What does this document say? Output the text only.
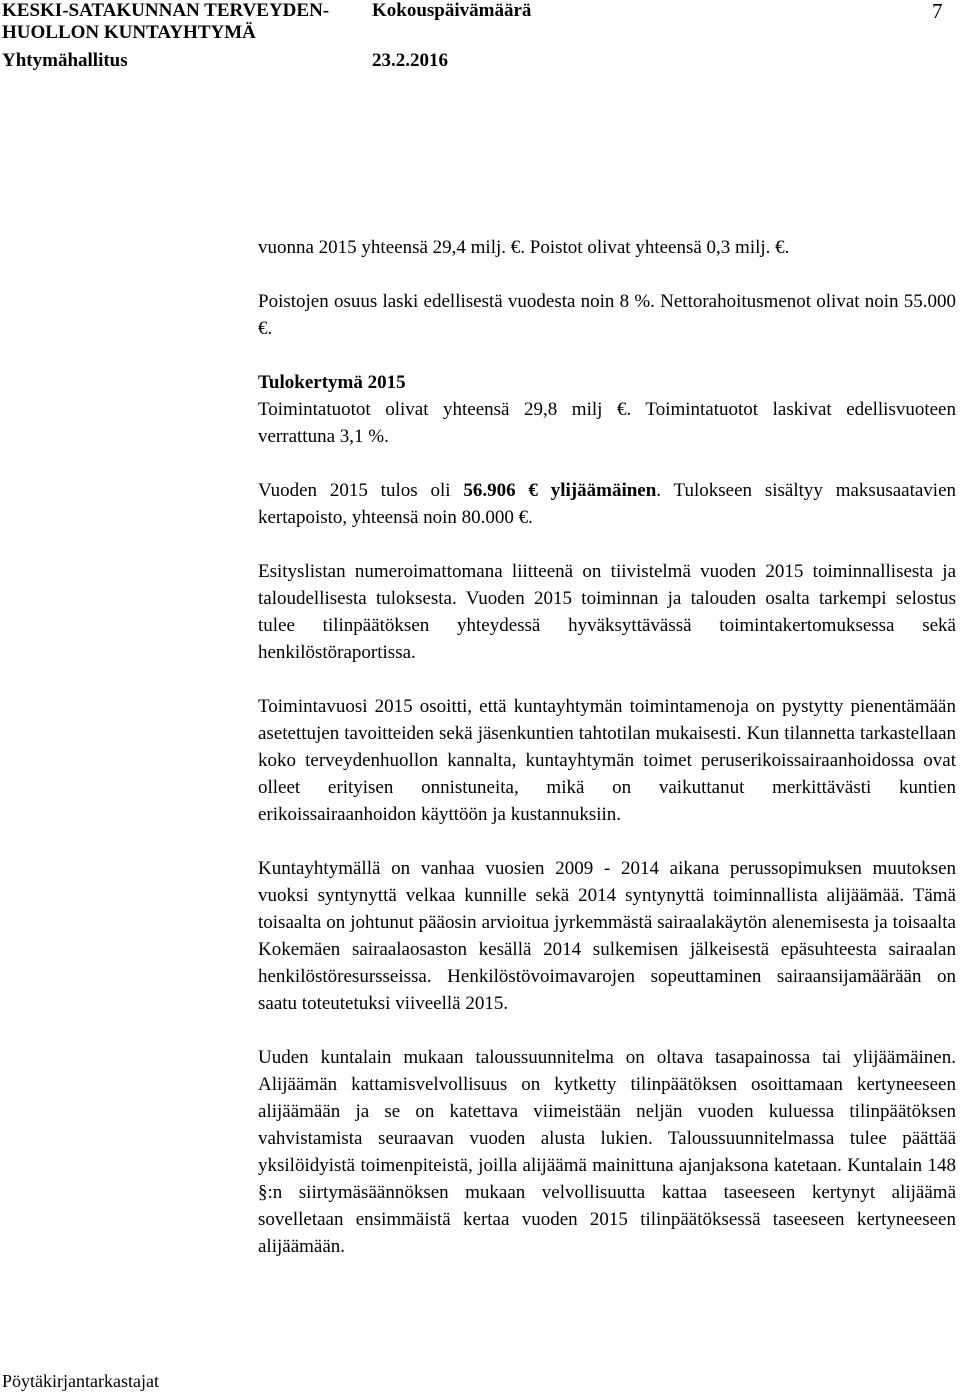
KESKI-SATAKUNNAN TERVEYDEN-
HUOLLON KUNTAYHTYMÄ
Yhtymähallitus
Kokouspäivämäärä
23.2.2016
7

vuonna 2015 yhteensä 29,4 milj. €. Poistot olivat yhteensä 0,3 milj. €.

Poistojen osuus laski edellisestä vuodesta noin 8 %. Nettorahoitusmenot olivat noin 55.000 €.

Tulokertymä 2015

Toimintatuotot olivat yhteensä 29,8 milj €. Toimintatuotot laskivat edellisvuoteen verrattuna 3,1 %.

Vuoden 2015 tulos oli 56.906 € ylijäämäinen. Tulokseen sisältyy maksusaatavien kertapoisto, yhteensä noin 80.000 €.

Esityslistan numeroimattomana liitteenä on tiivistelmä vuoden 2015 toiminnallisesta ja taloudellisesta tuloksesta. Vuoden 2015 toiminnan ja talouden osalta tarkempi selostus tulee tilinpäätöksen yhteydessä hyväksyttävässä toimintakertomuksessa sekä henkilöstöraportissa.

Toimintavuosi 2015 osoitti, että kuntayhtymän toimintamenoja on pystytty pienentämään asetettujen tavoitteiden sekä jäsenkuntien tahtotilan mukaisesti. Kun tilannetta tarkastellaan koko terveydenhuollon kannalta, kuntayhtymän toimet peruserikoissairaanhoidossa ovat olleet erityisen onnistuneita, mikä on vaikuttanut merkittävästi kuntien erikoissairaanhoidon käyttöön ja kustannuksiin.

Kuntayhtymällä on vanhaa vuosien 2009 - 2014 aikana perussopimuksen muutoksen vuoksi syntynyttä velkaa kunnille sekä 2014 syntynyttä toiminnallista alijäämää. Tämä toisaalta on johtunut pääosin arvioitua jyrkemmästä sairaalakäytön alenemisesta ja toisaalta Kokemäen sairaalaosaston kesällä 2014 sulkemisen jälkeisestä epäsuhteesta sairaalan henkilöstöresursseissa. Henkilöstövoimavarojen sopeuttaminen sairaansijamäärään on saatu toteutetuksi viiveellä 2015.

Uuden kuntalain mukaan taloussuunnitelma on oltava tasapainossa tai ylijäämäinen. Alijäämän kattamisvelvollisuus on kytketty tilinpäätöksen osoittamaan kertyneeseen alijäämään ja se on katettava viimeistään neljän vuoden kuluessa tilinpäätöksen vahvistamista seuraavan vuoden alusta lukien. Taloussuunnitelmassa tulee päättää yksilöidyistä toimenpiteistä, joilla alijäämä mainittuna ajanjaksona katetaan. Kuntalain 148 §:n siirtymäsäännöksen mukaan velvollisuutta kattaa taseeseen kertynyt alijäämä sovelletaan ensimmäistä kertaa vuoden 2015 tilinpäätöksessä taseeseen kertyneeseen alijäämään.

Pöytäkirjantarkastajat
